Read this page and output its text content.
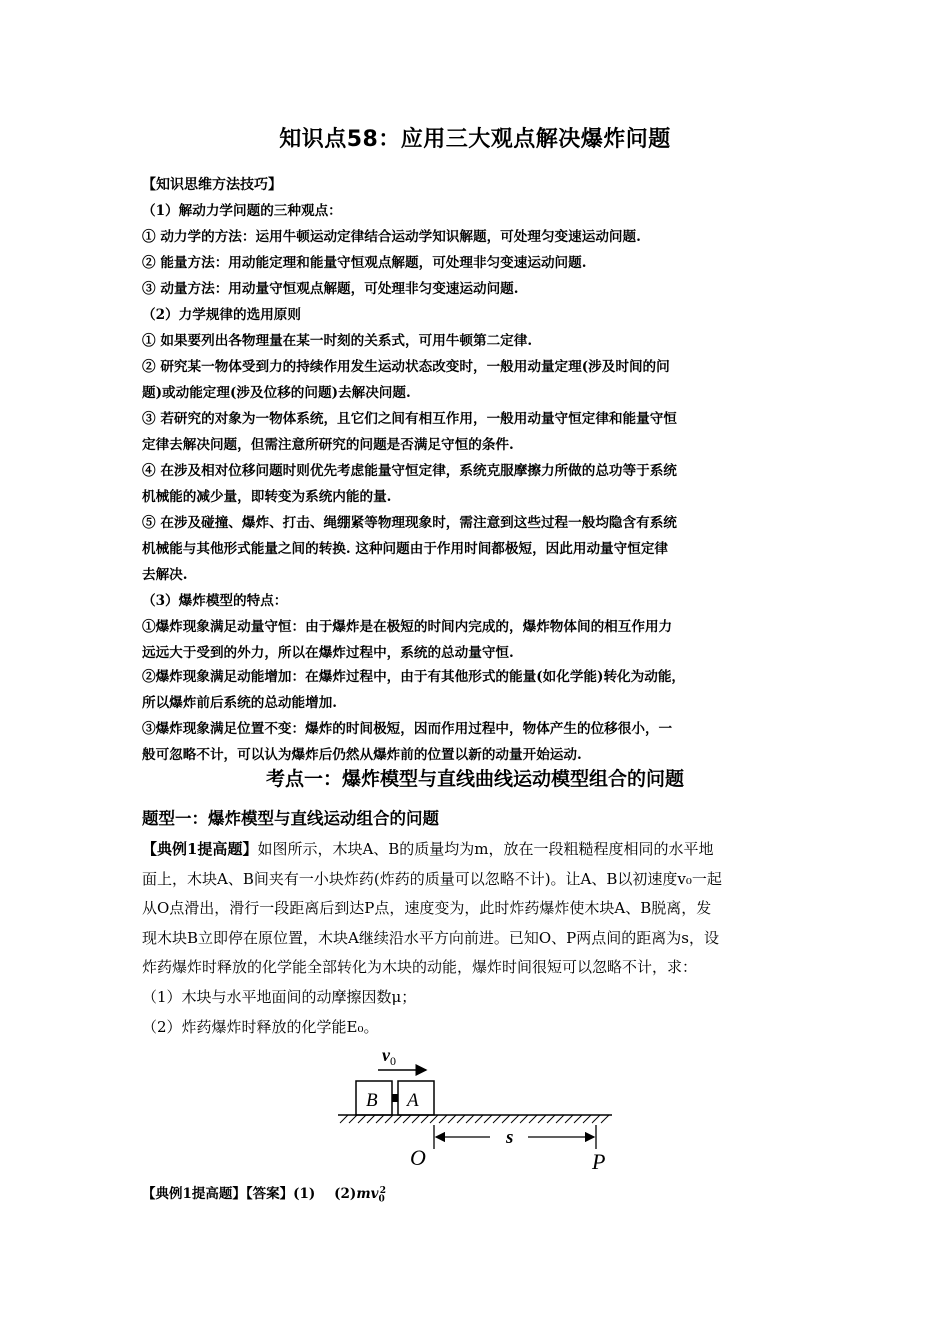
知识点58：应用三大观点解决爆炸问题
【知识思维方法技巧】
（1）解动力学问题的三种观点：
① 动力学的方法：运用牛顿运动定律结合运动学知识解题，可处理匀变速运动问题.
② 能量方法：用动能定理和能量守恒观点解题，可处理非匀变速运动问题.
③ 动量方法：用动量守恒观点解题，可处理非匀变速运动问题.
（2）力学规律的选用原则
① 如果要列出各物理量在某一时刻的关系式，可用牛顿第二定律.
② 研究某一物体受到力的持续作用发生运动状态改变时，一般用动量定理(涉及时间的问
题)或动能定理(涉及位移的问题)去解决问题.
③ 若研究的对象为一物体系统，且它们之间有相互作用，一般用动量守恒定律和能量守恒
定律去解决问题，但需注意所研究的问题是否满足守恒的条件.
④ 在涉及相对位移问题时则优先考虑能量守恒定律，系统克服摩擦力所做的总功等于系统
机械能的减少量，即转变为系统内能的量.
⑤ 在涉及碰撞、爆炸、打击、绳绷紧等物理现象时，需注意到这些过程一般均隐含有系统
机械能与其他形式能量之间的转换. 这种问题由于作用时间都极短，因此用动量守恒定律
去解决.
（3）爆炸模型的特点：
①爆炸现象满足动量守恒：由于爆炸是在极短的时间内完成的，爆炸物体间的相互作用力
远远大于受到的外力，所以在爆炸过程中，系统的总动量守恒.
②爆炸现象满足动能增加：在爆炸过程中，由于有其他形式的能量(如化学能)转化为动能，
所以爆炸前后系统的总动能增加.
③爆炸现象满足位置不变：爆炸的时间极短，因而作用过程中，物体产生的位移很小，一
般可忽略不计，可以认为爆炸后仍然从爆炸前的位置以新的动量开始运动.
考点一：爆炸模型与直线曲线运动模型组合的问题
题型一：爆炸模型与直线运动组合的问题
【典例1提高题】如图所示，木块A、B的质量均为m，放在一段粗糙程度相同的水平地
面上，木块A、B间夹有一小块炸药(炸药的质量可以忽略不计)。让A、B以初速度v₀一起
从O点滑出，滑行一段距离后到达P点，速度变为，此时炸药爆炸使木块A、B脱离，发
现木块B立即停在原位置，木块A继续沿水平方向前进。已知O、P两点间的距离为s，设
炸药爆炸时释放的化学能全部转化为木块的动能，爆炸时间很短可以忽略不计，求：
（1）木块与水平地面间的动摩擦因数μ；
（2）炸药爆炸时释放的化学能E₀。
$v_0$
B A
s
O	P
【典例1提高题】【答案】(1) $(2)mv_0^2$
